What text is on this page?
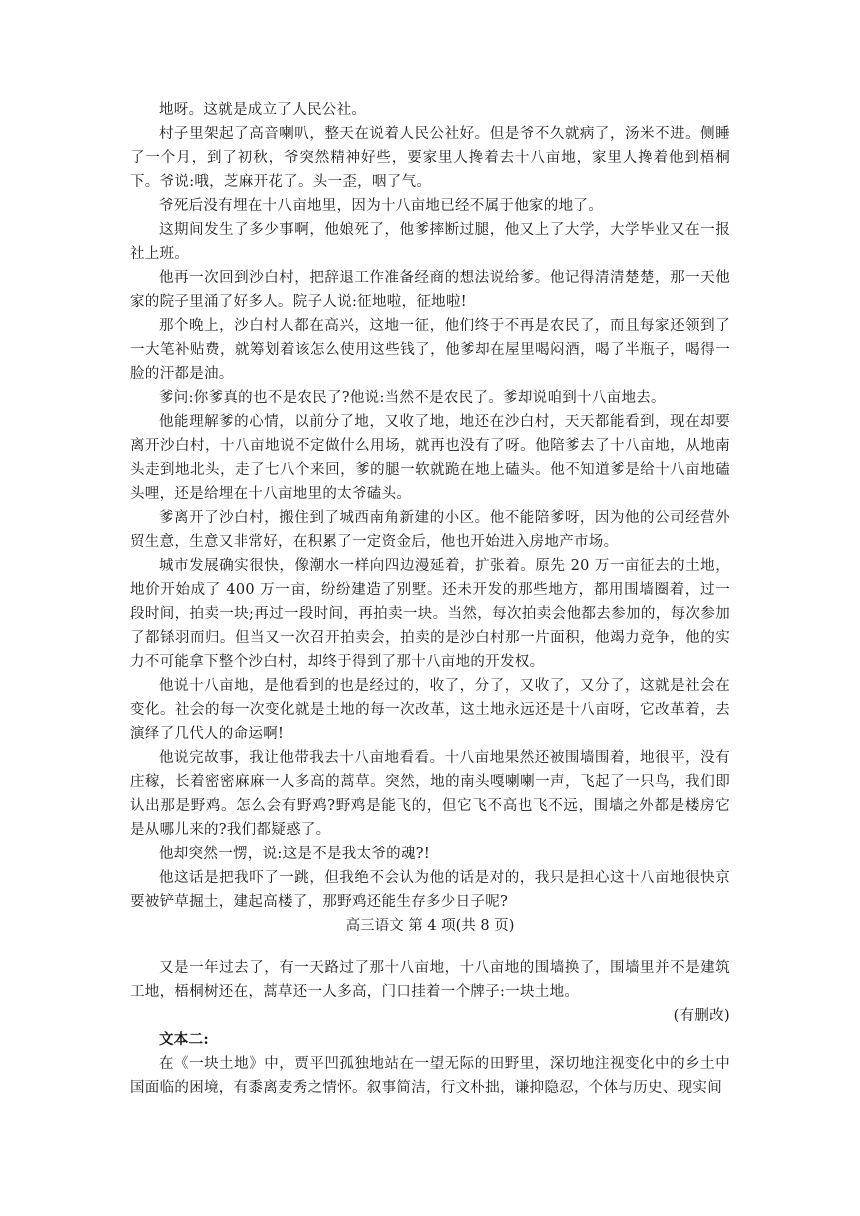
地呀。这就是成立了人民公社。

村子里架起了高音喇叭，整天在说着人民公社好。但是爷不久就病了，汤米不进。侧睡了一个月，到了初秋，爷突然精神好些，要家里人搀着去十八亩地，家里人搀着他到梧桐下。爷说:哦，芝麻开花了。头一歪，咽了气。

爷死后没有埋在十八亩地里，因为十八亩地已经不属于他家的地了。

这期间发生了多少事啊，他娘死了，他爹摔断过腿，他又上了大学，大学毕业又在一报社上班。

他再一次回到沙白村，把辞退工作准备经商的想法说给爹。他记得清清楚楚，那一天他家的院子里涌了好多人。院子人说:征地啦，征地啦!

那个晚上，沙白村人都在高兴，这地一征，他们终于不再是农民了，而且每家还领到了一大笔补贴费，就筹划着该怎么使用这些钱了，他爹却在屋里喝闷酒，喝了半瓶子，喝得一脸的汗都是油。

爹问:你爹真的也不是农民了?他说:当然不是农民了。爹却说咱到十八亩地去。

他能理解爹的心情，以前分了地，又收了地，地还在沙白村，天天都能看到，现在却要离开沙白村，十八亩地说不定做什么用场，就再也没有了呀。他陪爹去了十八亩地，从地南头走到地北头，走了七八个来回，爹的腿一软就跪在地上磕头。他不知道爹是给十八亩地磕头哩，还是给埋在十八亩地里的太爷磕头。

爹离开了沙白村，搬住到了城西南角新建的小区。他不能陪爹呀，因为他的公司经营外贸生意，生意又非常好，在积累了一定资金后，他也开始进入房地产市场。

城市发展确实很快，像潮水一样向四边漫延着，扩张着。原先 20 万一亩征去的土地，地价开始成了 400 万一亩，纷纷建造了别墅。还未开发的那些地方，都用围墙圈着，过一段时间，拍卖一块;再过一段时间，再拍卖一块。当然，每次拍卖会他都去参加的，每次参加了都铩羽而归。但当又一次召开拍卖会，拍卖的是沙白村那一片面积，他竭力竞争，他的实力不可能拿下整个沙白村，却终于得到了那十八亩地的开发权。

他说十八亩地，是他看到的也是经过的，收了，分了，又收了，又分了，这就是社会在变化。社会的每一次变化就是土地的每一次改革，这土地永远还是十八亩呀，它改革着，去演绎了几代人的命运啊!

他说完故事，我让他带我去十八亩地看看。十八亩地果然还被围墙围着，地很平，没有庄稼，长着密密麻麻一人多高的蒿草。突然，地的南头嘎喇喇一声，飞起了一只鸟，我们即认出那是野鸡。怎么会有野鸡?野鸡是能飞的，但它飞不高也飞不远，围墙之外都是楼房它是从哪儿来的?我们都疑惑了。

他却突然一愣，说:这是不是我太爷的魂?!

他这话是把我吓了一跳，但我绝不会认为他的话是对的，我只是担心这十八亩地很快京要被铲草掘土，建起高楼了，那野鸡还能生存多少日子呢?

高三语文 第 4 项(共 8 页)

又是一年过去了，有一天路过了那十八亩地，十八亩地的围墙换了，围墙里并不是建筑工地，梧桐树还在，蒿草还一人多高，门口挂着一个牌子:一块土地。

(有删改)

文本二:

在《一块土地》中，贾平凹孤独地站在一望无际的田野里，深切地注视变化中的乡土中国面临的困境，有黍离麦秀之情怀。叙事简洁，行文朴拙，谦抑隐忍，个体与历史、现实间
